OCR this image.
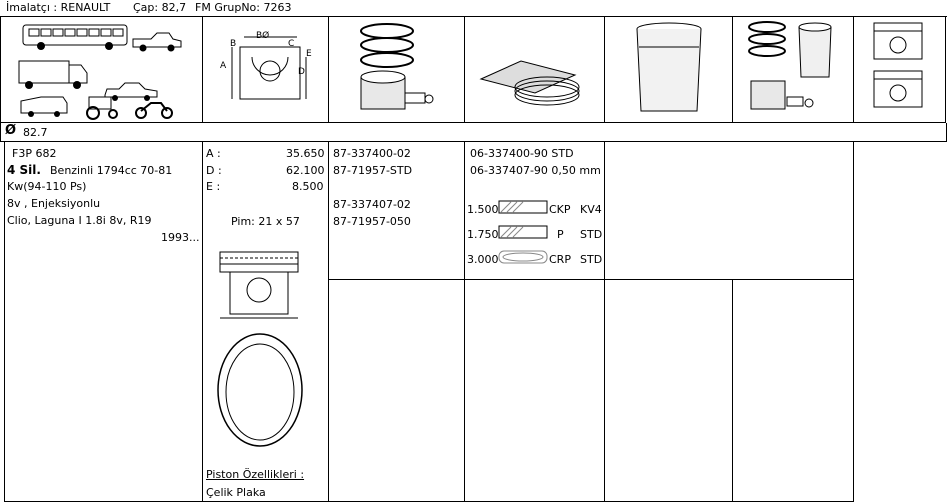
İmalatçı : RENAULT Çap: 82,7 FM GrupNo: 7263
B
BØ
C
E
A
D
Ø 82.7
F3P 682
4 Sil. Benzinli 1794cc 70-81
Kw(94-110 Ps)
8v , Enjeksiyonlu
Clio, Laguna I 1.8i 8v, R19
1993...
A :	35.650
D :	62.100
E :	8.500
Pim: 21 x 57
Piston Özellikleri :
Çelik Plaka
87-337400-02
87-71957-STD
87-337407-02
87-71957-050
06-337400-90 STD
06-337407-90 0,50 mm
1.500	CKP KV4
1.750	P STD
3.000	CRP STD
